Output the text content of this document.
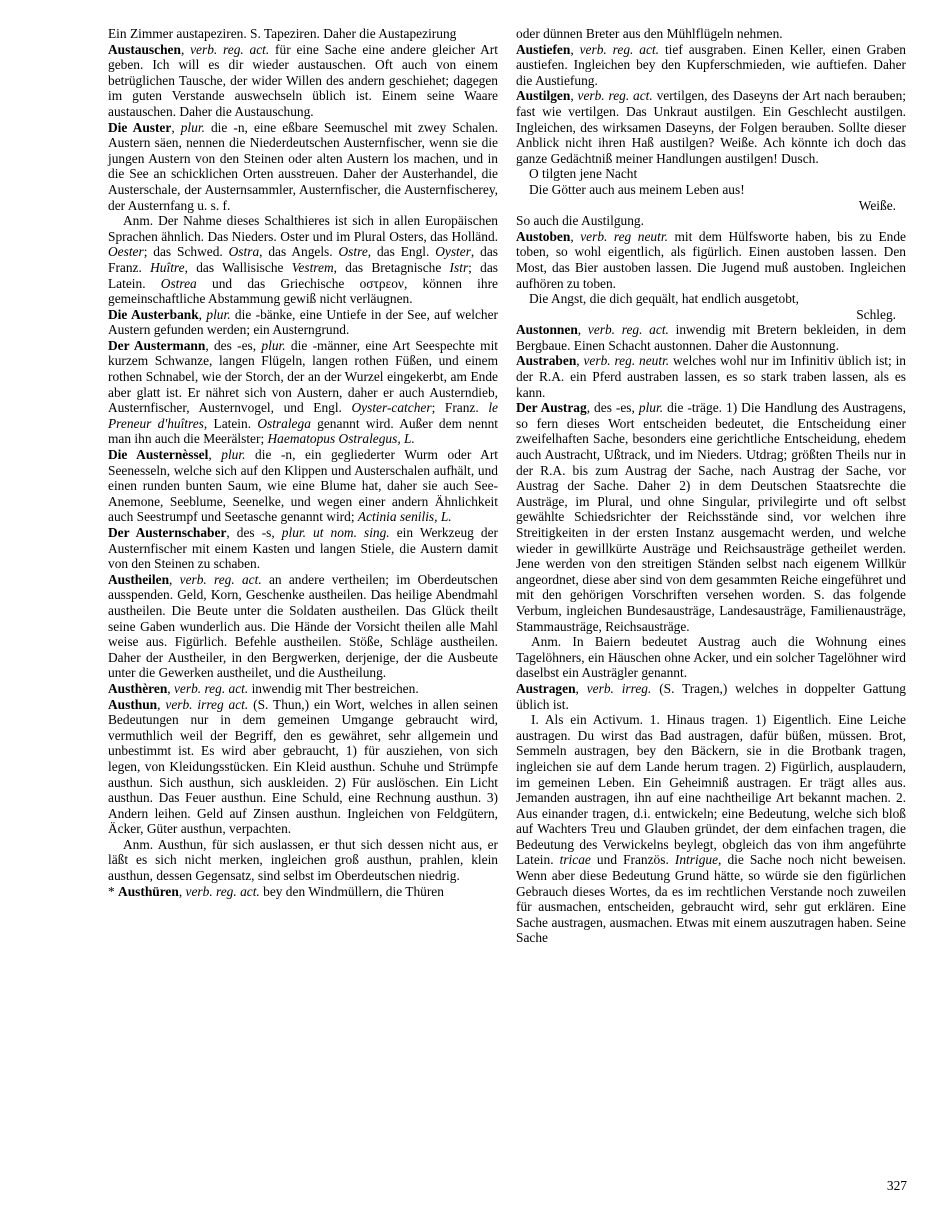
Ein Zimmer austapeziren. S. Tapeziren. Daher die Austapezirung

Austauschen, verb. reg. act. für eine Sache eine andere gleicher Art geben. Ich will es dir wieder austauschen. Oft auch von einem betrüglichen Tausche, der wider Willen des andern geschiehet; dagegen im guten Verstande auswechseln üblich ist. Einem seine Waare austauschen. Daher die Austauschung.

Die Auster, plur. die -n, eine eßbare Seemuschel mit zwey Schalen. Austern säen, nennen die Niederdeutschen Austernfischer, wenn sie die jungen Austern von den Steinen oder alten Austern los machen, und in die See an schicklichen Orten ausstreuen. Daher der Austerhandel, die Austerschale, der Austernsammler, Austernfischer, die Austernfischerey, der Austernfang u. s. f.

Anm. Der Nahme dieses Schalthieres ist sich in allen Europäischen Sprachen ähnlich. Das Nieders. Oster und im Plural Osters, das Holländ. Oester; das Schwed. Ostra, das Angels. Ostre, das Engl. Oyster, das Franz. Huître, das Wallisische Vestrem, das Bretagnische Istr; das Latein. Ostrea und das Griechische οστρεον, können ihre gemeinschaftliche Abstammung gewiß nicht verläugnen.

Die Austerbank, plur. die -bänke, eine Untiefe in der See, auf welcher Austern gefunden werden; ein Austerngrund.

Der Austermann, des -es, plur. die -männer, eine Art Seespechte mit kurzem Schwanze, langen Flügeln, langen rothen Füßen, und einem rothen Schnabel, wie der Storch, der an der Wurzel eingekerbt, am Ende aber glatt ist. Er nähret sich von Austern, daher er auch Austerndieb, Austernfischer, Austernvogel, und Engl. Oyster-catcher; Franz. le Preneur d'huîtres, Latein. Ostralega genannt wird. Außer dem nennt man ihn auch die Meerälster; Haematopus Ostralegus, L.

Die Austernèssel, plur. die -n, ein gegliederter Wurm oder Art Seenesseln, welche sich auf den Klippen und Austerschalen aufhält, und einen runden bunten Saum, wie eine Blume hat, daher sie auch See-Anemone, Seeblume, Seenelke, und wegen einer andern Ähnlichkeit auch Seestrumpf und Seetasche genannt wird; Actinia senilis, L.

Der Austernschaber, des -s, plur. ut nom. sing. ein Werkzeug der Austernfischer mit einem Kasten und langen Stiele, die Austern damit von den Steinen zu schaben.

Austheilen, verb. reg. act. an andere vertheilen; im Oberdeutschen ausspenden. Geld, Korn, Geschenke austheilen. Das heilige Abendmahl austheilen. Die Beute unter die Soldaten austheilen. Das Glück theilt seine Gaben wunderlich aus. Die Hände der Vorsicht theilen alle Mahl weise aus. Figürlich. Befehle austheilen. Stöße, Schläge austheilen. Daher der Austheiler, in den Bergwerken, derjenige, der die Ausbeute unter die Gewerken austheilet, und die Austheilung.

Austhèren, verb. reg. act. inwendig mit Ther bestreichen.

Austhun, verb. irreg act. (S. Thun,) ein Wort, welches in allen seinen Bedeutungen nur in dem gemeinen Umgange gebraucht wird, vermuthlich weil der Begriff, den es gewähret, sehr allgemein und unbestimmt ist. Es wird aber gebraucht, 1) für ausziehen, von sich legen, von Kleidungsstücken. Ein Kleid austhun. Schuhe und Strümpfe austhun. Sich austhun, sich auskleiden. 2) Für auslöschen. Ein Licht austhun. Das Feuer austhun. Eine Schuld, eine Rechnung austhun. 3) Andern leihen. Geld auf Zinsen austhun. Ingleichen von Feldgütern, Äcker, Güter austhun, verpachten.

Anm. Austhun, für sich auslassen, er thut sich dessen nicht aus, er läßt es sich nicht merken, ingleichen groß austhun, prahlen, klein austhun, dessen Gegensatz, sind selbst im Oberdeutschen niedrig.

* Austhüren, verb. reg. act. bey den Windmüllern, die Thüren

oder dünnen Breter aus den Mühlflügeln nehmen.

Austiefen, verb. reg. act. tief ausgraben. Einen Keller, einen Graben austiefen. Ingleichen bey den Kupferschmieden, wie auftiefen. Daher die Austiefung.

Austilgen, verb. reg. act. vertilgen, des Daseyns der Art nach berauben; fast wie vertilgen. Das Unkraut austilgen. Ein Geschlecht austilgen. Ingleichen, des wirksamen Daseyns, der Folgen berauben. Sollte dieser Anblick nicht ihren Haß austilgen? Weiße. Ach könnte ich doch das ganze Gedächtniß meiner Handlungen austilgen! Dusch.

O tilgten jene Nacht

Die Götter auch aus meinem Leben aus!

Weiße.

So auch die Austilgung.

Austoben, verb. reg neutr. mit dem Hülfsworte haben, bis zu Ende toben, so wohl eigentlich, als figürlich. Einen austoben lassen. Den Most, das Bier austoben lassen. Die Jugend muß austoben. Ingleichen aufhören zu toben.

Die Angst, die dich gequält, hat endlich ausgetobt,

Schleg.

Austonnen, verb. reg. act. inwendig mit Bretern bekleiden, in dem Bergbaue. Einen Schacht austonnen. Daher die Austonnung.

Austraben, verb. reg. neutr. welches wohl nur im Infinitiv üblich ist; in der R.A. ein Pferd austraben lassen, es so stark traben lassen, als es kann.

Der Austrag, des -es, plur. die -träge. 1) Die Handlung des Austragens, so fern dieses Wort entscheiden bedeutet, die Entscheidung einer zweifelhaften Sache, besonders eine gerichtliche Entscheidung, ehedem auch Austracht, Ußtrack, und im Nieders. Utdrag; größten Theils nur in der R.A. bis zum Austrag der Sache, nach Austrag der Sache, vor Austrag der Sache. Daher 2) in dem Deutschen Staatsrechte die Austräge, im Plural, und ohne Singular, privilegirte und oft selbst gewählte Schiedsrichter der Reichsstände sind, vor welchen ihre Streitigkeiten in der ersten Instanz ausgemacht werden, und welche wieder in gewillkürte Austräge und Reichsausträge getheilet werden. Jene werden von den streitigen Ständen selbst nach eigenem Willkür angeordnet, diese aber sind von dem gesammten Reiche eingeführet und mit den gehörigen Vorschriften versehen worden. S. das folgende Verbum, ingleichen Bundesausträge, Landesausträge, Familienausträge, Stammausträge, Reichsausträge.

Anm. In Baiern bedeutet Austrag auch die Wohnung eines Tagelöhners, ein Häuschen ohne Acker, und ein solcher Tagelöhner wird daselbst ein Austrägler genannt.

Austragen, verb. irreg. (S. Tragen,) welches in doppelter Gattung üblich ist.

I. Als ein Activum. 1. Hinaus tragen. 1) Eigentlich. Eine Leiche austragen. Du wirst das Bad austragen, dafür büßen, müssen. Brot, Semmeln austragen, bey den Bäckern, sie in die Brotbank tragen, ingleichen sie auf dem Lande herum tragen. 2) Figürlich, ausplaudern, im gemeinen Leben. Ein Geheimniß austragen. Er trägt alles aus. Jemanden austragen, ihn auf eine nachtheilige Art bekannt machen. 2. Aus einander tragen, d.i. entwickeln; eine Bedeutung, welche sich bloß auf Wachters Treu und Glauben gründet, der dem einfachen tragen, die Bedeutung des Verwickelns beylegt, obgleich das von ihm angeführte Latein. tricae und Französ. Intrigue, die Sache noch nicht beweisen. Wenn aber diese Bedeutung Grund hätte, so würde sie den figürlichen Gebrauch dieses Wortes, da es im rechtlichen Verstande noch zuweilen für ausmachen, entscheiden, gebraucht wird, sehr gut erklären. Eine Sache austragen, ausmachen. Etwas mit einem auszutragen haben. Seine Sache

327
